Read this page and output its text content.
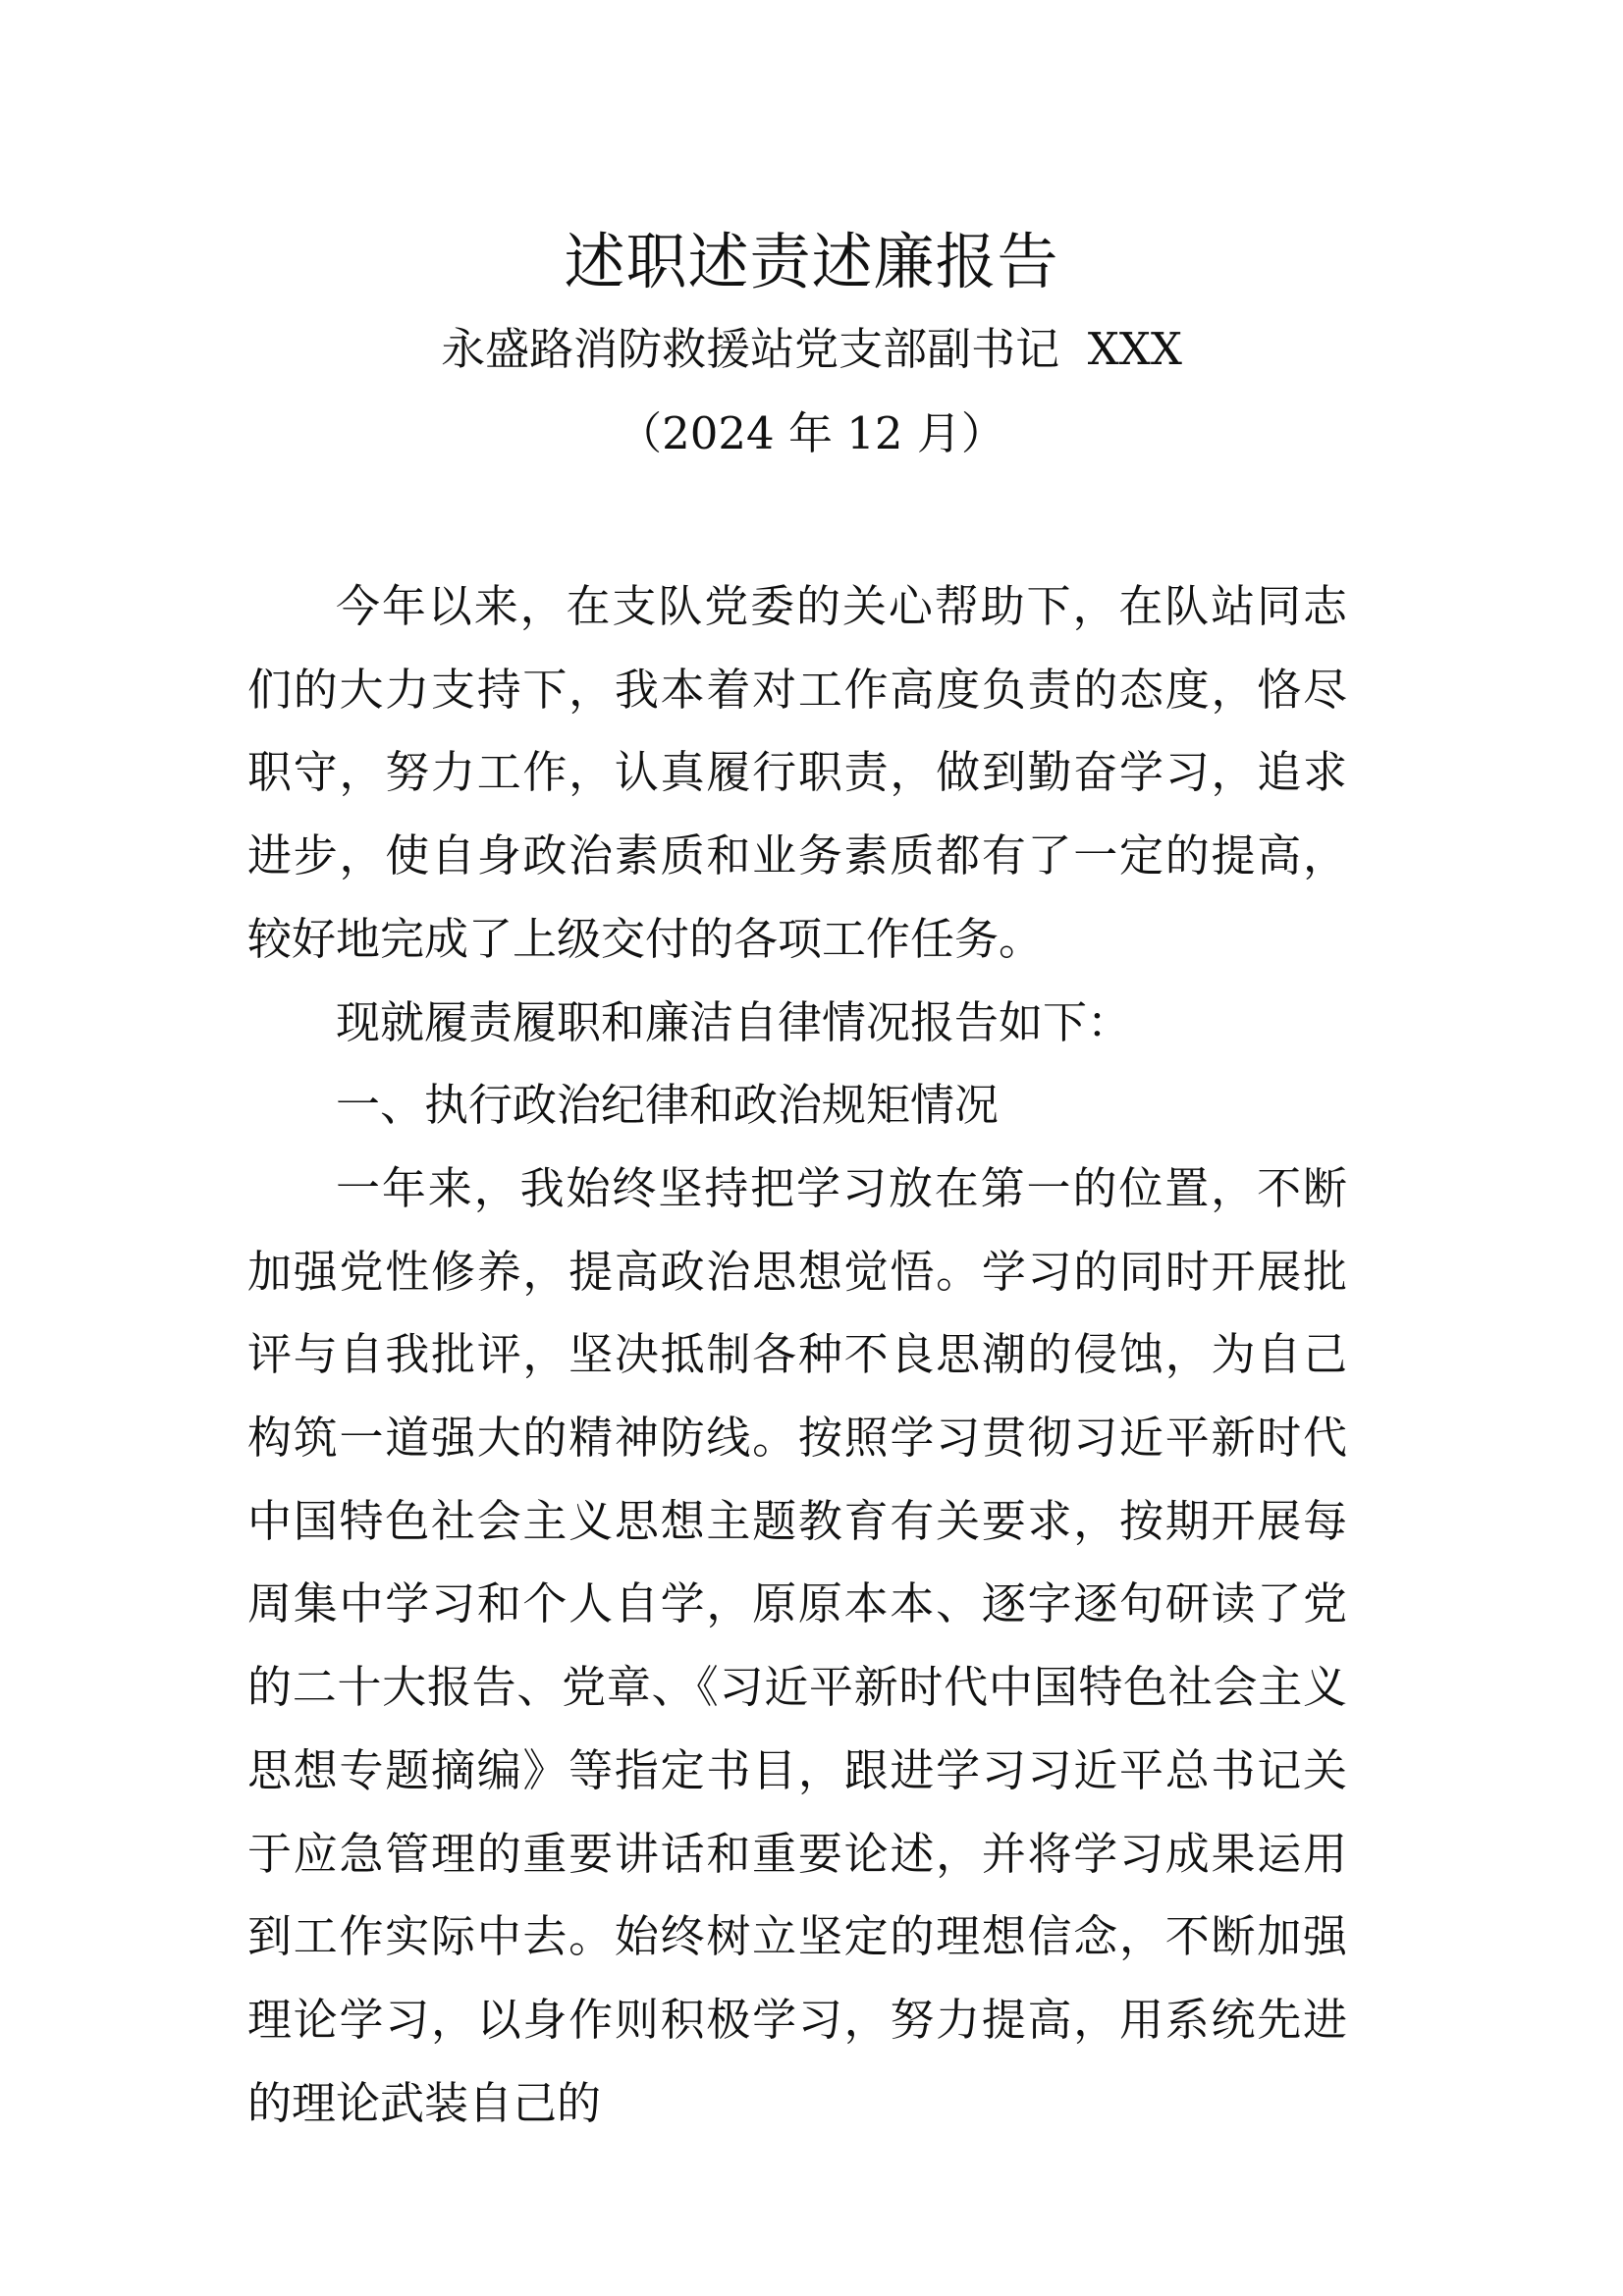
述职述责述廉报告
永盛路消防救援站党支部副书记  XXX
（2024 年 12 月）

今年以来，在支队党委的关心帮助下，在队站同志们的大力支持下，我本着对工作高度负责的态度，恪尽职守，努力工作，认真履行职责，做到勤奋学习，追求进步，使自身政治素质和业务素质都有了一定的提高，较好地完成了上级交付的各项工作任务。

现就履责履职和廉洁自律情况报告如下：

一、执行政治纪律和政治规矩情况

一年来，我始终坚持把学习放在第一的位置，不断加强党性修养，提高政治思想觉悟。学习的同时开展批评与自我批评，坚决抵制各种不良思潮的侵蚀，为自己构筑一道强大的精神防线。按照学习贯彻习近平新时代中国特色社会主义思想主题教育有关要求，按期开展每周集中学习和个人自学，原原本本、逐字逐句研读了党的二十大报告、党章、《习近平新时代中国特色社会主义思想专题摘编》等指定书目，跟进学习习近平总书记关于应急管理的重要讲话和重要论述，并将学习成果运用到工作实际中去。始终树立坚定的理想信念，不断加强理论学习，以身作则积极学习，努力提高，用系统先进的理论武装自己的
